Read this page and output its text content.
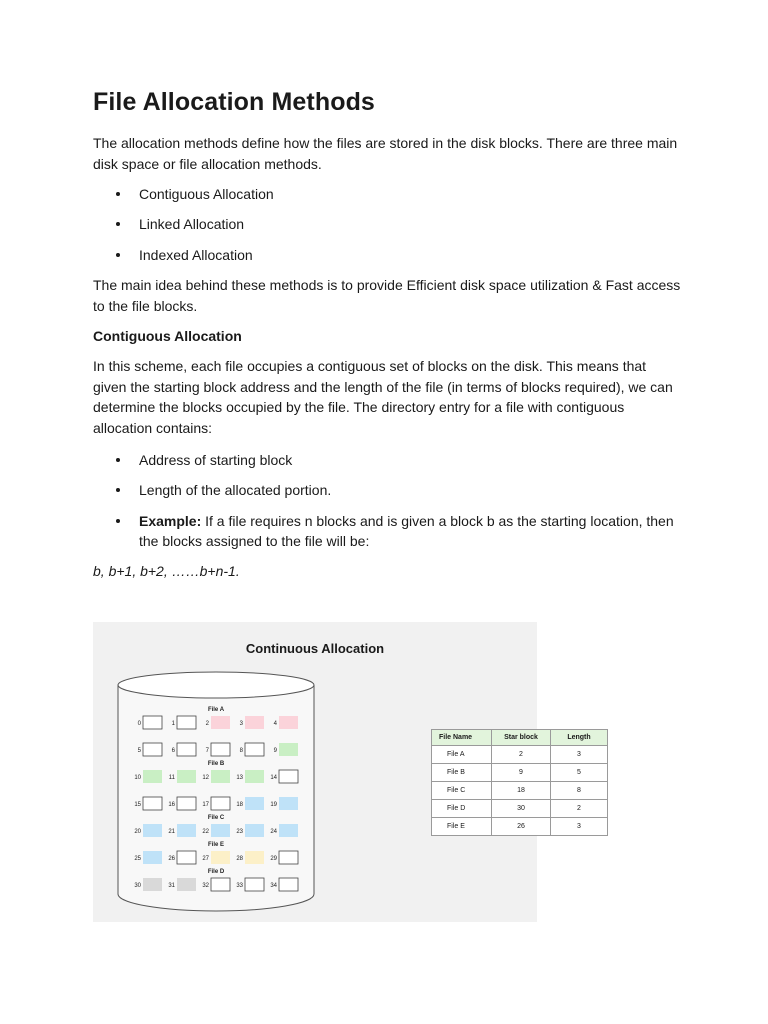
File Allocation Methods

The allocation methods define how the files are stored in the disk blocks. There are three main disk space or file allocation methods.

Contiguous Allocation
Linked Allocation
Indexed Allocation

The main idea behind these methods is to provide Efficient disk space utilization & Fast access to the file blocks.

Contiguous Allocation

In this scheme, each file occupies a contiguous set of blocks on the disk. This means that given the starting block address and the length of the file (in terms of blocks required), we can determine the blocks occupied by the file. The directory entry for a file with contiguous allocation contains:

Address of starting block
Length of the allocated portion.
Example: If a file requires n blocks and is given a block b as the starting location, then the blocks assigned to the file will be:

b, b+1, b+2, ……b+n-1.

Continuous Allocation
0	1	2	3	4
5	6	7	8	9
10	11	12	13	14
15	16	17	18	19
20	21	22	23	24
25	26	27	28	29
30	31	32	33	34
File A
File B
File C
File E
File D
File Name	Star block	Length
File A	2	3
File B	9	5
File C	18	8
File D	30	2
File E	26	3
